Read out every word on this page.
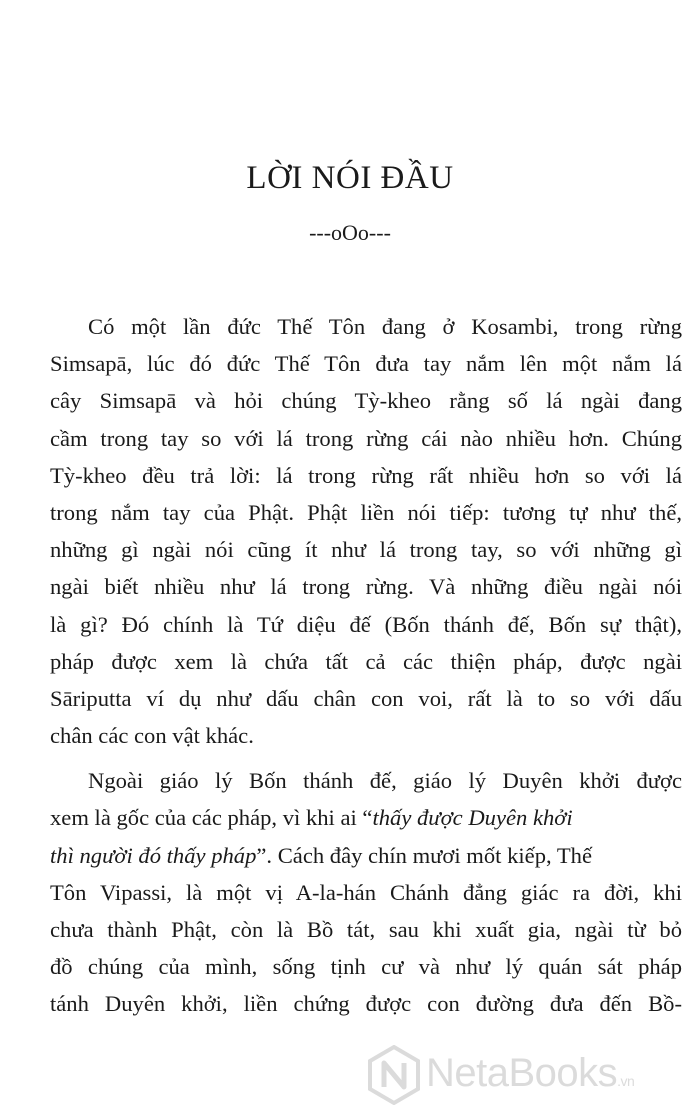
LỜI NÓI ĐẦU
---oOo---
Có một lần đức Thế Tôn đang ở Kosambi, trong rừng
Simsapā, lúc đó đức Thế Tôn đưa tay nắm lên một nắm lá
cây Simsapā và hỏi chúng Tỳ-kheo rằng số lá ngài đang
cầm trong tay so với lá trong rừng cái nào nhiều hơn. Chúng
Tỳ-kheo đều trả lời: lá trong rừng rất nhiều hơn so với lá
trong nắm tay của Phật. Phật liền nói tiếp: tương tự như thế,
những gì ngài nói cũng ít như lá trong tay, so với những gì
ngài biết nhiều như lá trong rừng. Và những điều ngài nói
là gì? Đó chính là Tứ diệu đế (Bốn thánh đế, Bốn sự thật),
pháp được xem là chứa tất cả các thiện pháp, được ngài
Sāriputta ví dụ như dấu chân con voi, rất là to so với dấu
chân các con vật khác.
Ngoài giáo lý Bốn thánh đế, giáo lý Duyên khởi được
xem là gốc của các pháp, vì khi ai “thấy được Duyên khởi
thì người đó thấy pháp”. Cách đây chín mươi mốt kiếp, Thế
Tôn Vipassi, là một vị A-la-hán Chánh đẳng giác ra đời, khi
chưa thành Phật, còn là Bồ tát, sau khi xuất gia, ngài từ bỏ
đồ chúng của mình, sống tịnh cư và như lý quán sát pháp
tánh Duyên khởi, liền chứng được con đường đưa đến Bồ-
NetaBooks.vn
